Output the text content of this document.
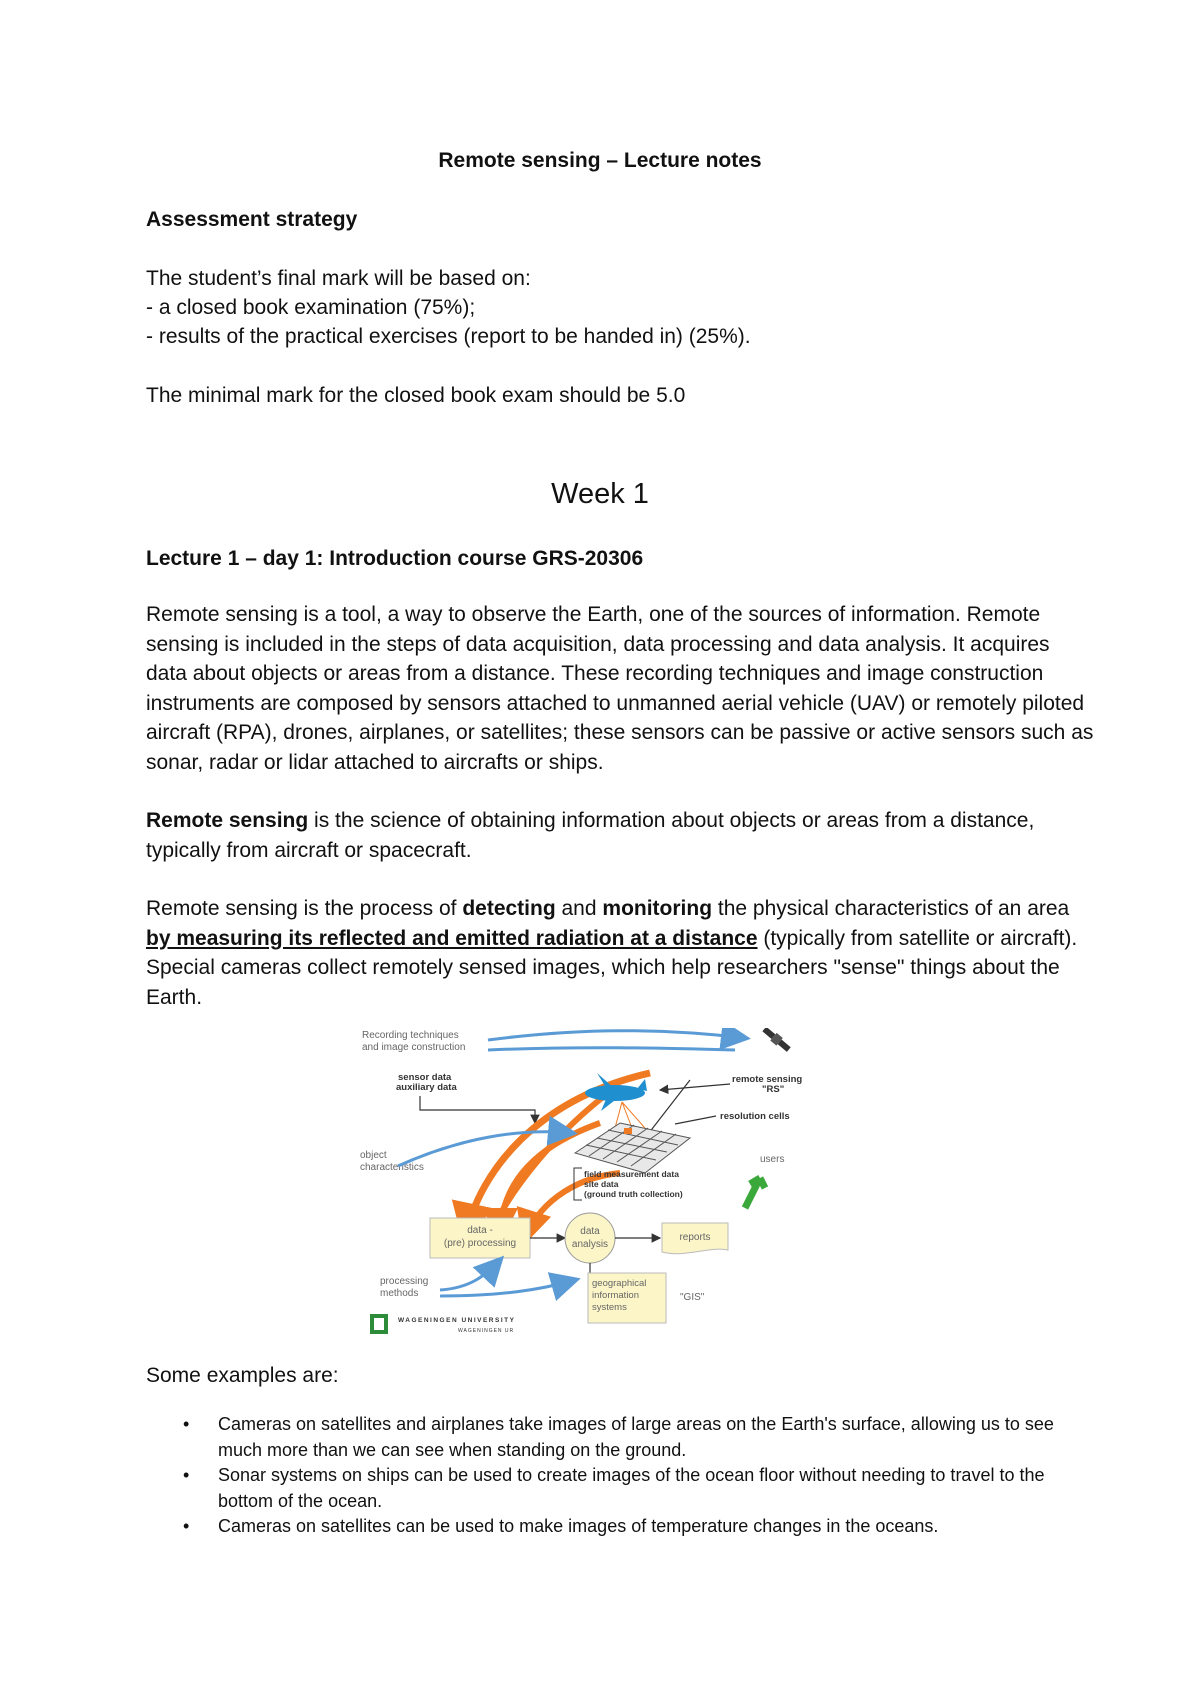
Remote sensing – Lecture notes
Assessment strategy
The student’s final mark will be based on:
- a closed book examination (75%);
- results of the practical exercises (report to be handed in) (25%).
The minimal mark for the closed book exam should be 5.0
Week 1
Lecture 1 – day 1: Introduction course GRS-20306
Remote sensing is a tool, a way to observe the Earth, one of the sources of information. Remote sensing is included in the steps of data acquisition, data processing and data analysis. It acquires data about objects or areas from a distance. These recording techniques and image construction instruments are composed by sensors attached to unmanned aerial vehicle (UAV) or remotely piloted aircraft (RPA), drones, airplanes, or satellites; these sensors can be passive or active sensors such as sonar, radar or lidar attached to aircrafts or ships.
Remote sensing is the science of obtaining information about objects or areas from a distance, typically from aircraft or spacecraft.
Remote sensing is the process of detecting and monitoring the physical characteristics of an area by measuring its reflected and emitted radiation at a distance (typically from satellite or aircraft). Special cameras collect remotely sensed images, which help researchers "sense" things about the Earth.
Recording techniques
and image construction
sensor data
auxiliary data
remote sensing
"RS"
resolution cells
object
characteristics
users
field measurement data
site data
(ground truth collection)
data -
(pre) processing
data
analysis
reports
processing
methods
geographical
information
systems
"GIS"
WAGENINGEN UNIVERSITY
WAGENINGEN UR
Some examples are:
• Cameras on satellites and airplanes take images of large areas on the Earth's surface, allowing us to see much more than we can see when standing on the ground.
• Sonar systems on ships can be used to create images of the ocean floor without needing to travel to the bottom of the ocean.
• Cameras on satellites can be used to make images of temperature changes in the oceans.
